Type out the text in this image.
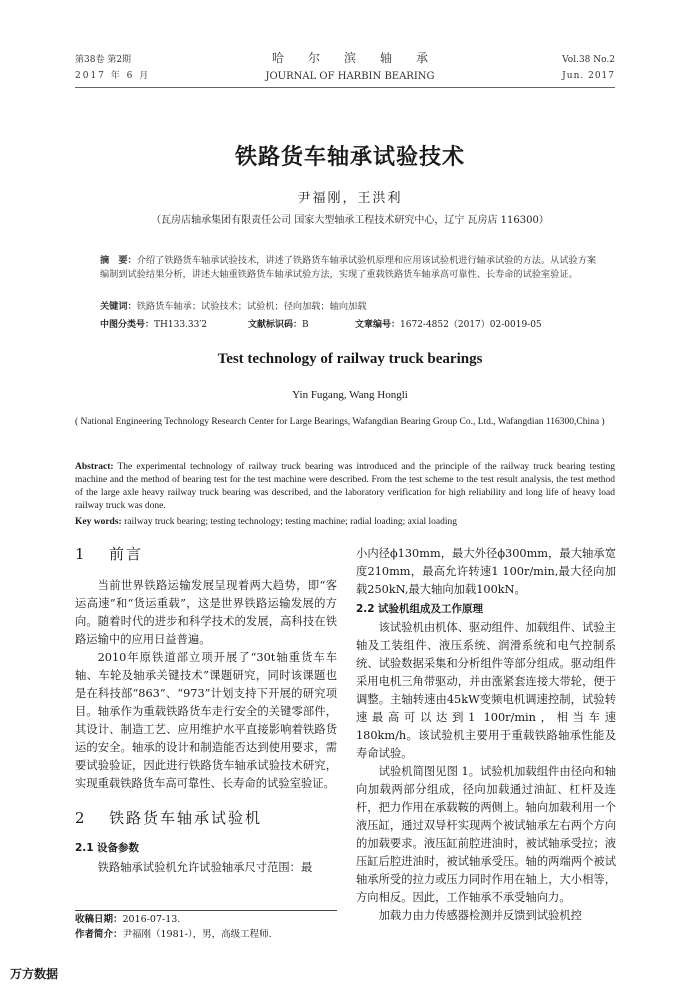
第38卷 第2期
2017 年 6 月
哈　　尔　　滨　　轴　　承
JOURNAL OF HARBIN BEARING
Vol.38 No.2
Jun. 2017
铁路货车轴承试验技术
尹福刚，王洪利
（瓦房店轴承集团有限责任公司 国家大型轴承工程技术研究中心，辽宁 瓦房店 116300）
摘　要：介绍了铁路货车轴承试验技术，讲述了铁路货车轴承试验机原理和应用该试验机进行轴承试验的方法。从试验方案编制到试验结果分析，讲述大轴重铁路货车轴承试验方法，实现了重载铁路货车轴承高可靠性、长寿命的试验室验证。
关键词：铁路货车轴承；试验技术；试验机；径向加载；轴向加载
中图分类号：TH133.33′2	文献标识码：B	文章编号：1672-4852（2017）02-0019-05
Test technology of railway truck bearings
Yin Fugang, Wang Hongli
( National Engineering Technology Research Center for Large Bearings, Wafangdian Bearing Group Co., Ltd., Wafangdian 116300,China )
Abstract: The experimental technology of railway truck bearing was introduced and the principle of the railway truck bearing testing machine and the method of bearing test for the test machine were described. From the test scheme to the test result analysis, the test method of the large axle heavy railway truck bearing was described, and the laboratory verification for high reliability and long life of heavy load railway truck was done.
Key words: railway truck bearing; testing technology; testing machine; radial loading; axial loading
1 前言

当前世界铁路运输发展呈现着两大趋势，即“客运高速”和“货运重载”，这是世界铁路运输发展的方向。随着时代的进步和科学技术的发展，高科技在铁路运输中的应用日益普遍。

2010年原铁道部立项开展了“30t轴重货车车轴、车轮及轴承关键技术”课题研究，同时该课题也是在科技部“863”、“973”计划支持下开展的研究项目。轴承作为重载铁路货车走行安全的关键零部件，其设计、制造工艺、应用维护水平直接影响着铁路货运的安全。轴承的设计和制造能否达到使用要求，需要试验验证，因此进行铁路货车轴承试验技术研究，实现重载铁路货车高可靠性、长寿命的试验室验证。

2 铁路货车轴承试验机
2.1 设备参数

铁路轴承试验机允许试验轴承尺寸范围：最

收稿日期：2016-07-13.
作者简介：尹福刚（1981-），男，高级工程师.

小内径ϕ130mm，最大外径ϕ300mm，最大轴承宽度210mm，最高允许转速1 100r/min,最大径向加载250kN,最大轴向加载100kN。

2.2 试验机组成及工作原理

该试验机由机体、驱动组件、加载组件、试验主轴及工装组件、液压系统、润滑系统和电气控制系统、试验数据采集和分析组件等部分组成。驱动组件采用电机三角带驱动，并由涨紧套连接大带轮，便于调整。主轴转速由45kW变频电机调速控制，试验转速最高可以达到1 100r/min，相当车速180km/h。该试验机主要用于重载铁路轴承性能及寿命试验。

试验机简图见图 1。试验机加载组件由径向和轴向加载两部分组成，径向加载通过油缸、杠杆及连杆，把力作用在承载鞍的两侧上。轴向加载利用一个液压缸，通过双导杆实现两个被试轴承左右两个方向的加载要求。液压缸前腔进油时，被试轴承受拉；液压缸后腔进油时，被试轴承受压。轴的两端两个被试轴承所受的拉力或压力同时作用在轴上，大小相等，方向相反。因此，工作轴承不承受轴向力。

加载力由力传感器检测并反馈到试验机控

万方数据
